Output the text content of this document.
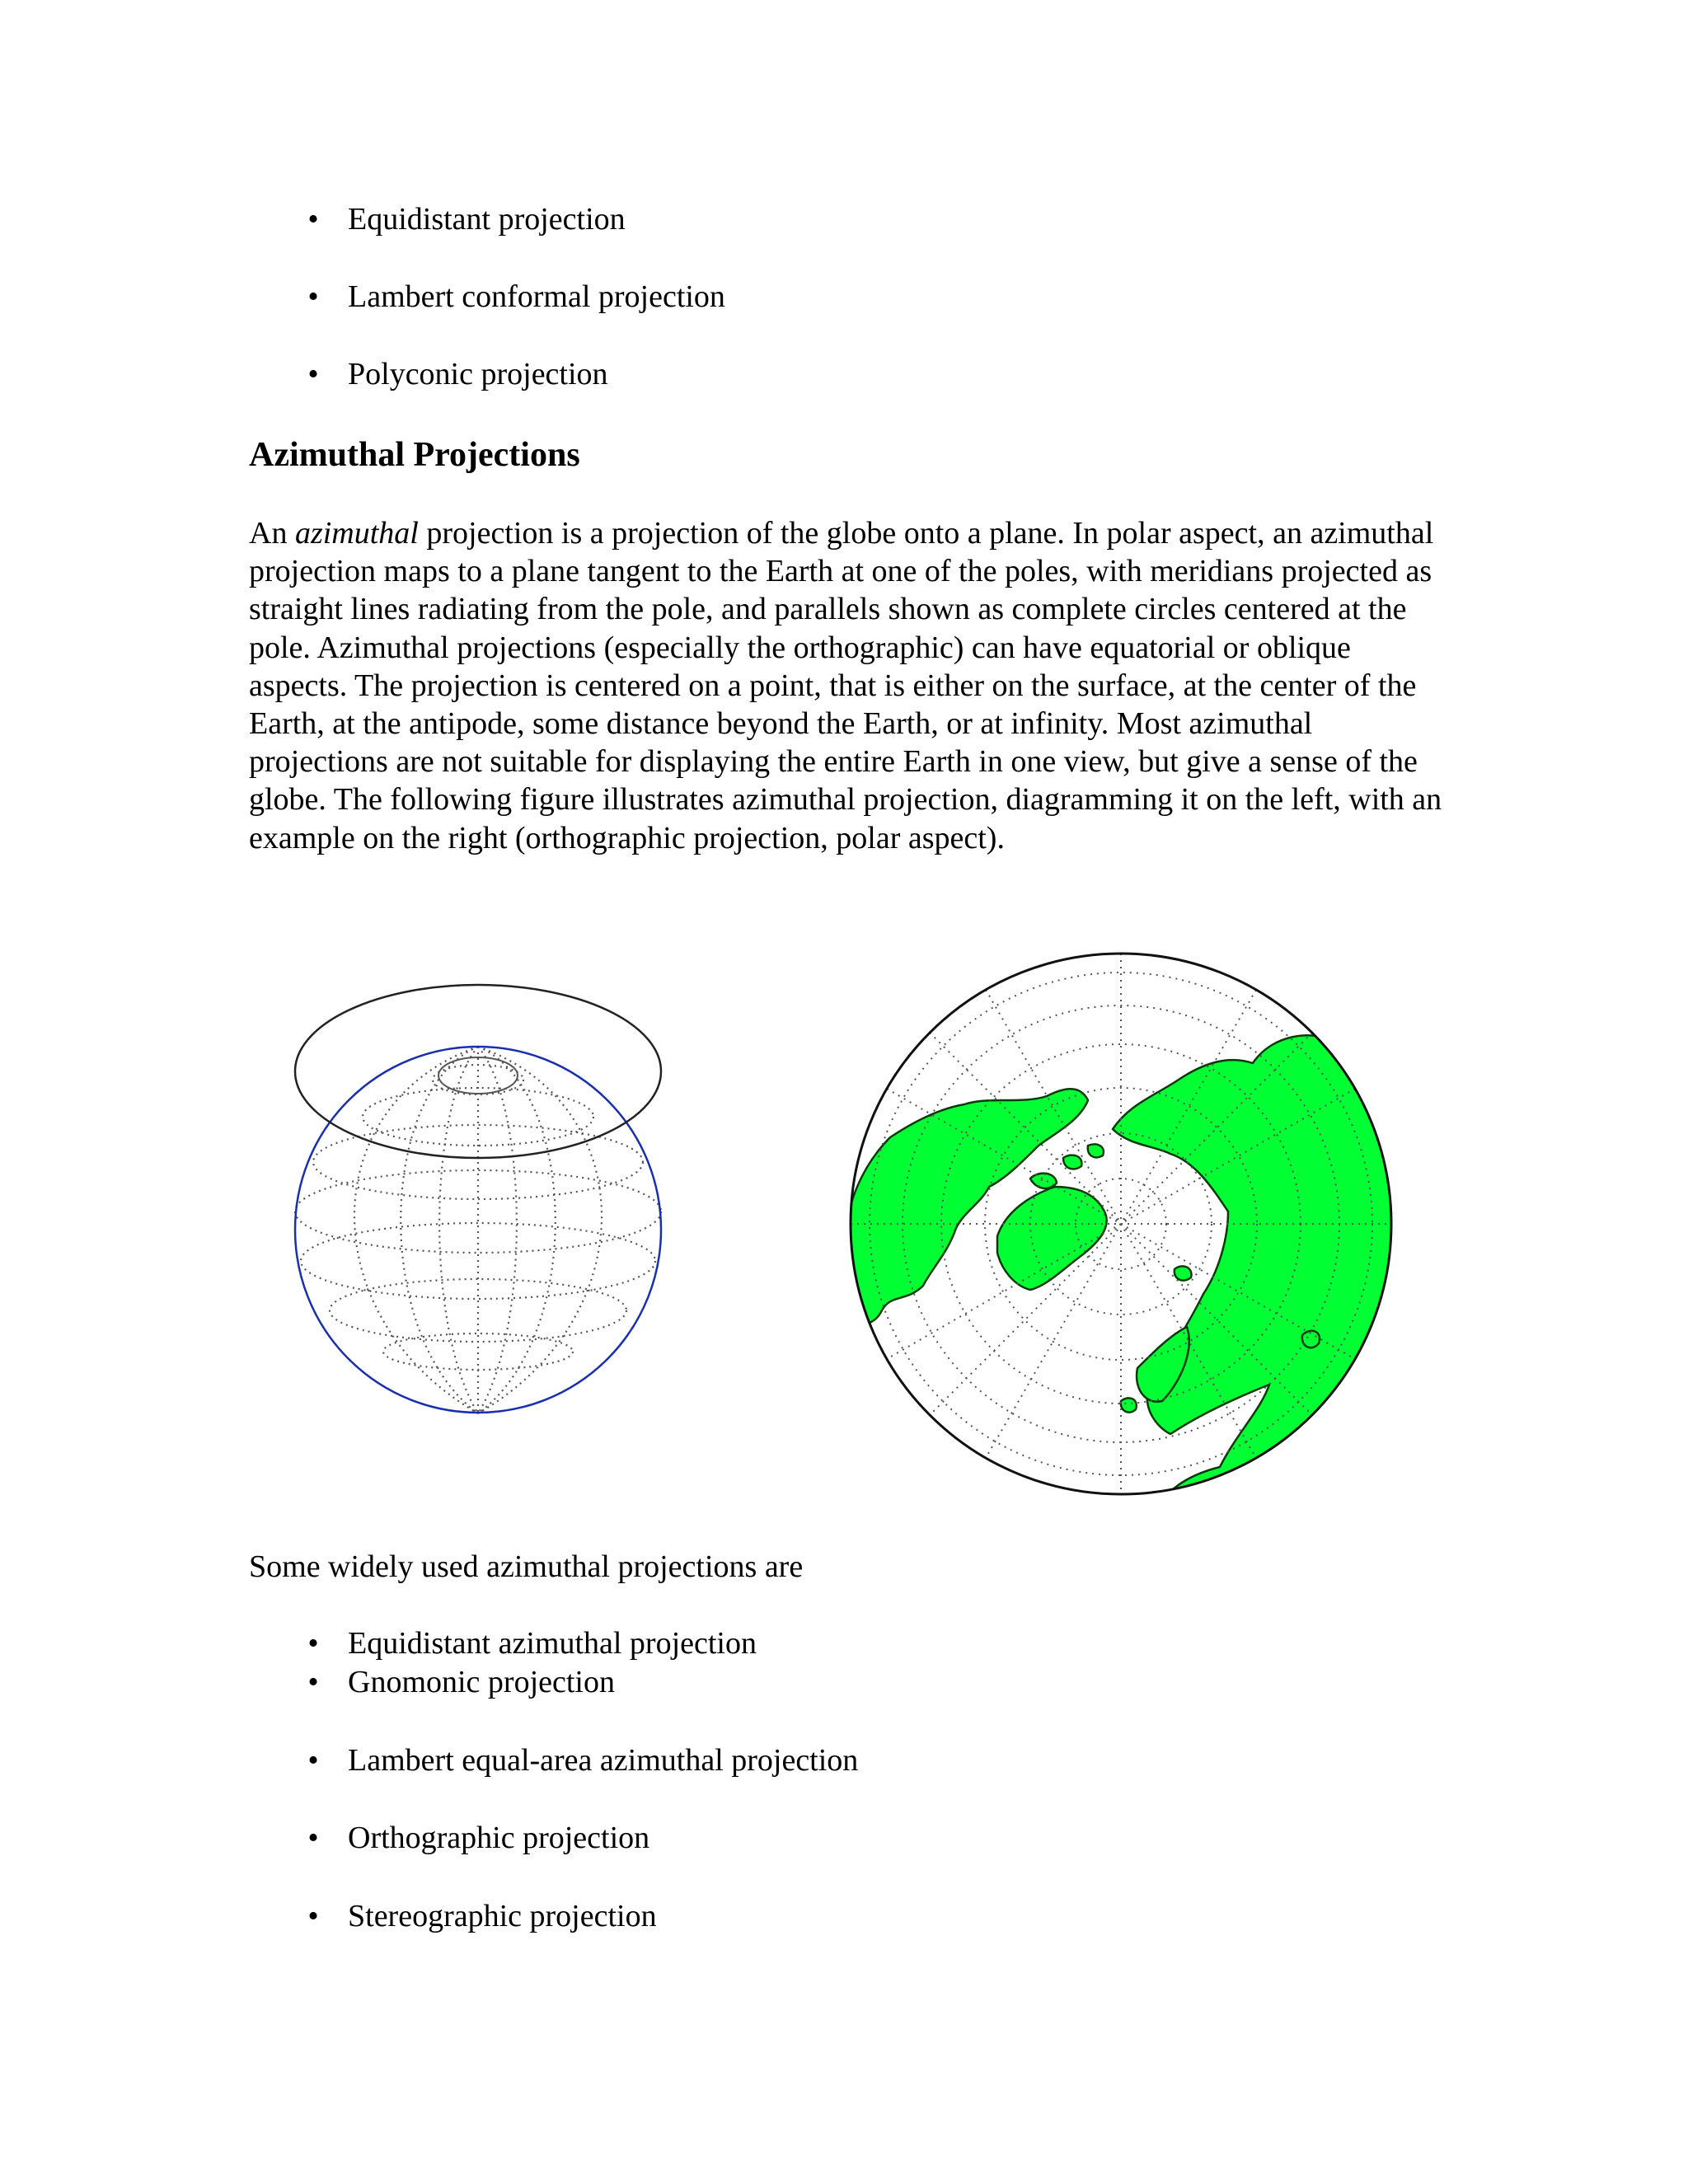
• Equidistant projection
• Lambert conformal projection
• Polyconic projection
Azimuthal Projections
An azimuthal projection is a projection of the globe onto a plane. In polar aspect, an azimuthal projection maps to a plane tangent to the Earth at one of the poles, with meridians projected as straight lines radiating from the pole, and parallels shown as complete circles centered at the pole. Azimuthal projections (especially the orthographic) can have equatorial or oblique aspects. The projection is centered on a point, that is either on the surface, at the center of the Earth, at the antipode, some distance beyond the Earth, or at infinity. Most azimuthal projections are not suitable for displaying the entire Earth in one view, but give a sense of the globe. The following figure illustrates azimuthal projection, diagramming it on the left, with an example on the right (orthographic projection, polar aspect).
Some widely used azimuthal projections are
• Equidistant azimuthal projection
• Gnomonic projection
• Lambert equal-area azimuthal projection
• Orthographic projection
• Stereographic projection
